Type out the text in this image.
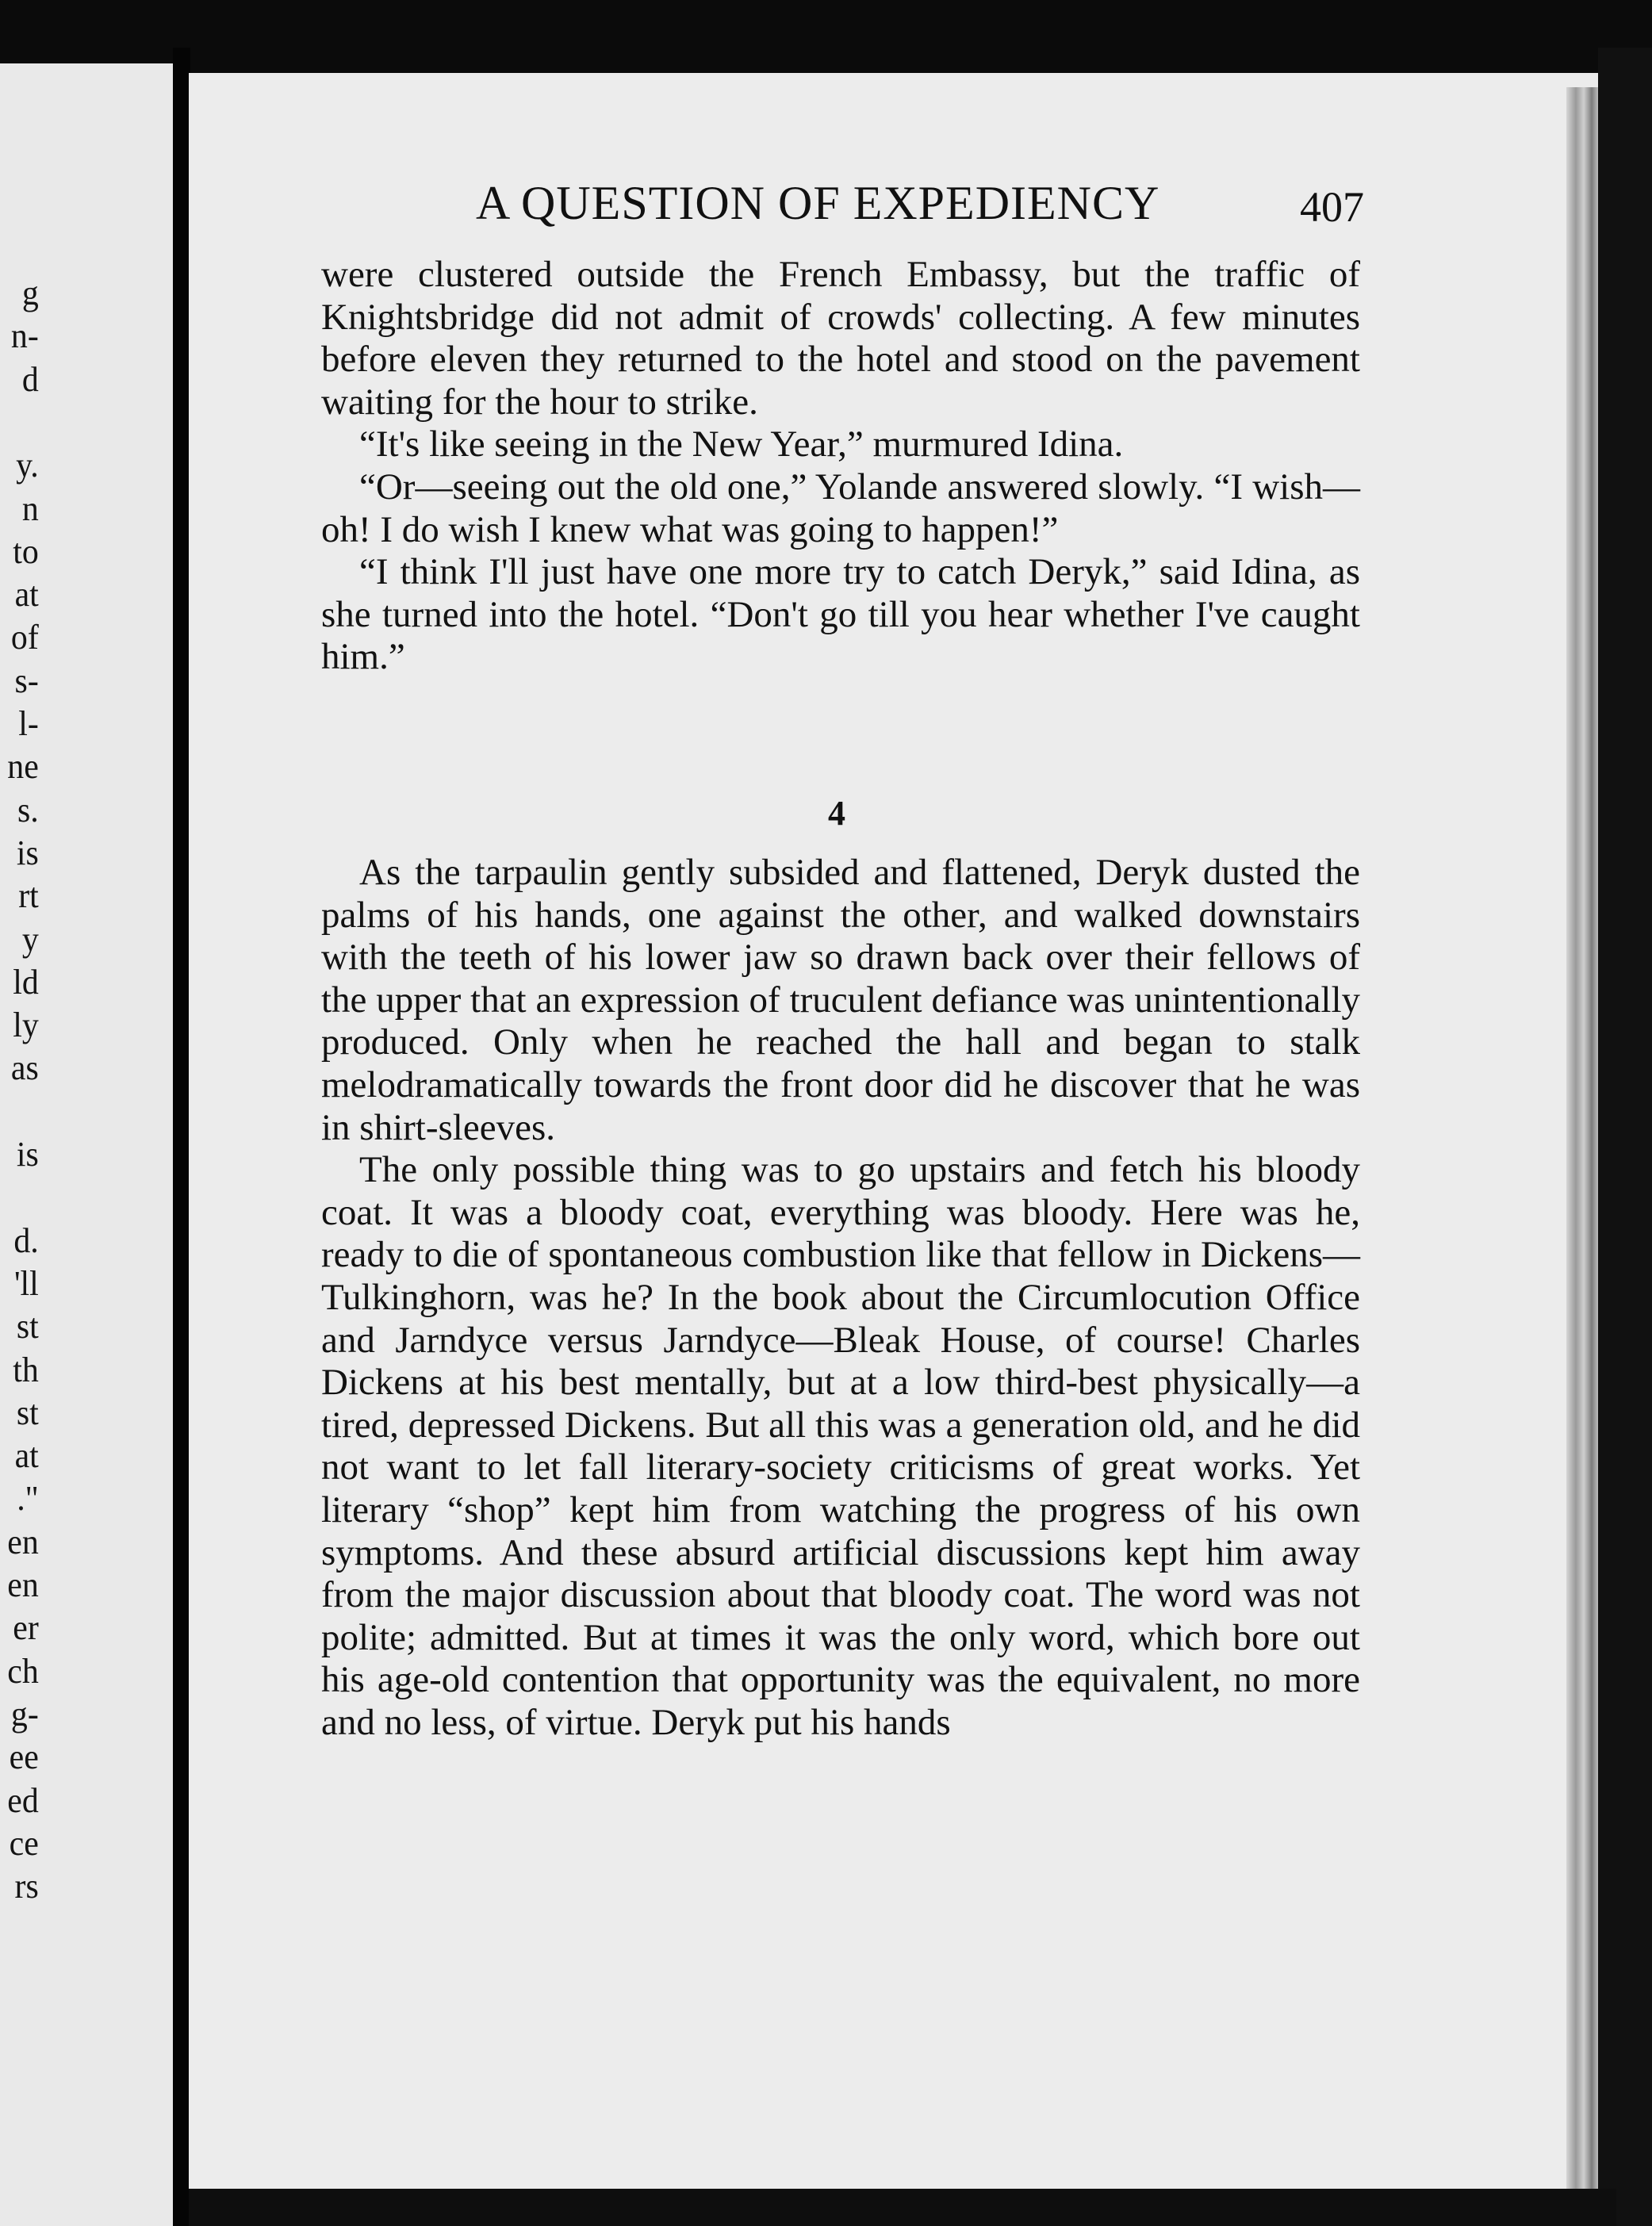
g
n-
d
y.
n
to
at
of
s-
l-
ne
s.
is
rt
y
ld
ly
as
is
d.
'll
st
th
st
at
."
en
en
er
ch
g-
ee
ed
ce
rs
A QUESTION OF EXPEDIENCY	407

were clustered outside the French Embassy, but the traffic of Knightsbridge did not admit of crowds' collecting. A few minutes before eleven they returned to the hotel and stood on the pavement waiting for the hour to strike.

“It's like seeing in the New Year,” murmured Idina.

“Or—seeing out the old one,” Yolande answered slowly. “I wish—oh! I do wish I knew what was going to happen!”

“I think I'll just have one more try to catch Deryk,” said Idina, as she turned into the hotel. “Don't go till you hear whether I've caught him.”

4

As the tarpaulin gently subsided and flattened, Deryk dusted the palms of his hands, one against the other, and walked downstairs with the teeth of his lower jaw so drawn back over their fellows of the upper that an expression of truculent defiance was unintentionally produced. Only when he reached the hall and began to stalk melodramatically towards the front door did he discover that he was in shirt-sleeves.

The only possible thing was to go upstairs and fetch his bloody coat. It was a bloody coat, everything was bloody. Here was he, ready to die of spontaneous combustion like that fellow in Dickens—Tulkinghorn, was he? In the book about the Circumlocution Office and Jarndyce versus Jarndyce—Bleak House, of course! Charles Dickens at his best mentally, but at a low third-best physically—a tired, depressed Dickens. But all this was a generation old, and he did not want to let fall literary-society criticisms of great works. Yet literary “shop” kept him from watching the progress of his own symptoms. And these absurd artificial discussions kept him away from the major discussion about that bloody coat. The word was not polite; admitted. But at times it was the only word, which bore out his age-old contention that opportunity was the equivalent, no more and no less, of virtue. Deryk put his hands
